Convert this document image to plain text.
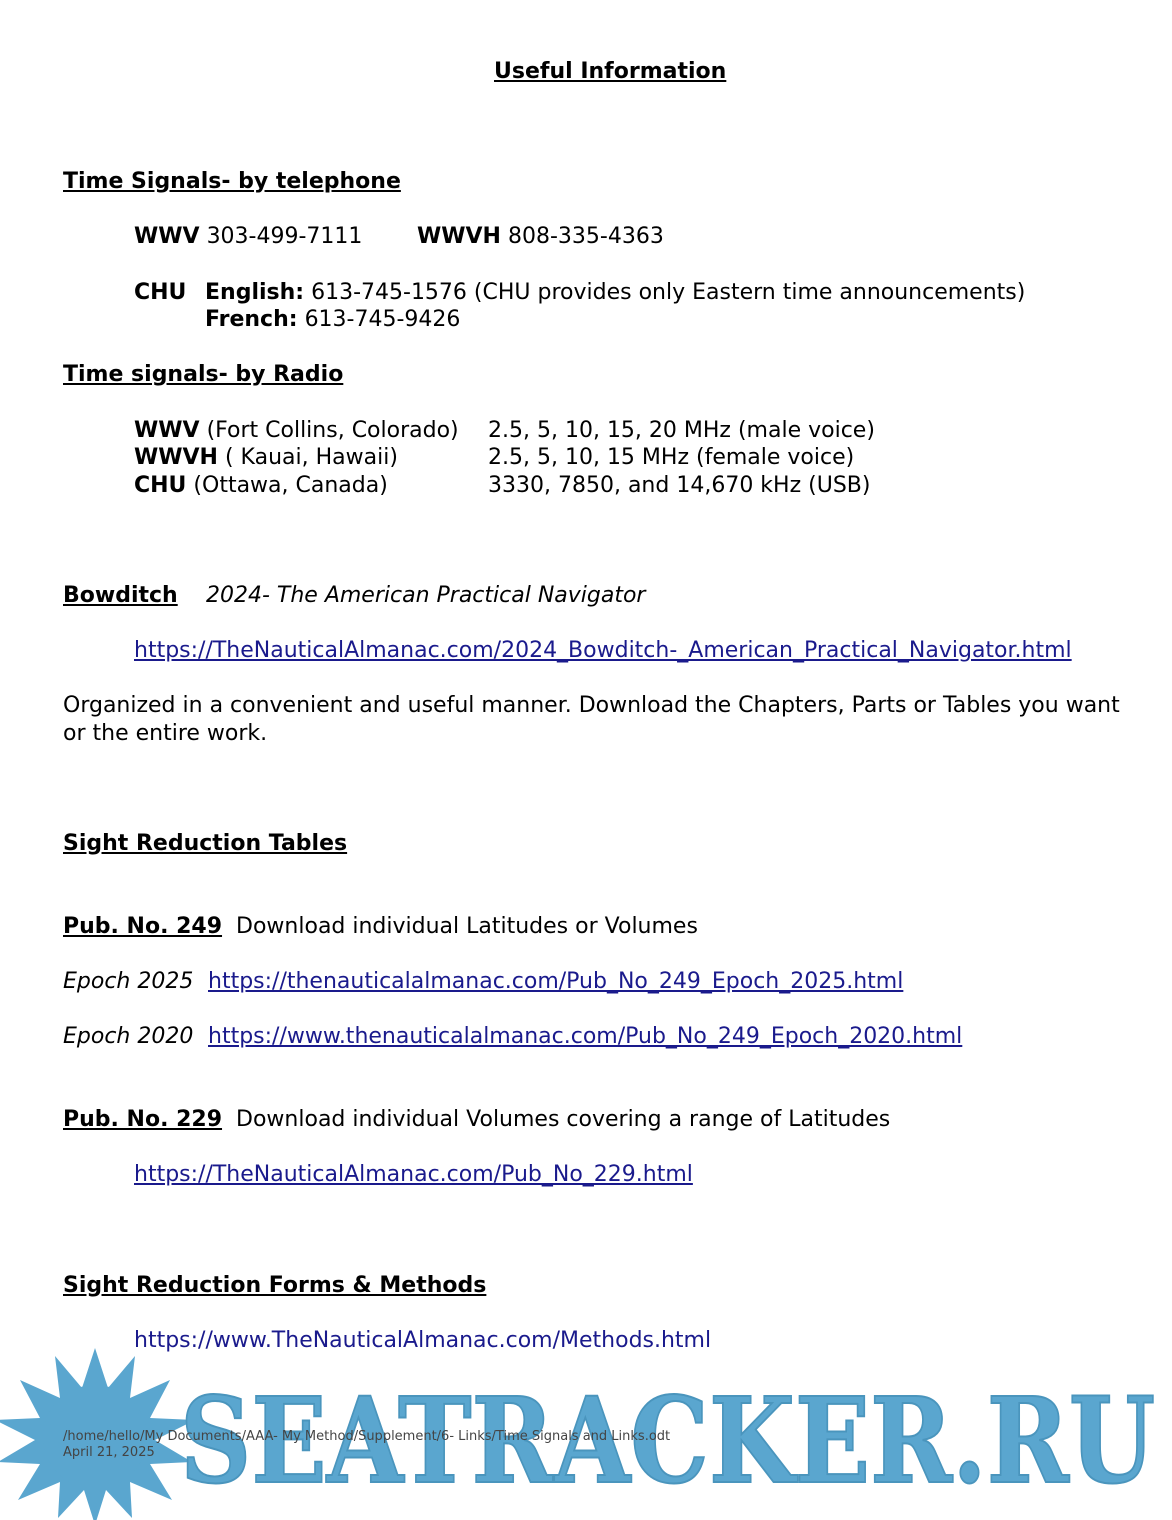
Useful Information
Time Signals- by telephone
WWV 303-499-7111 WWVH 808-335-4363
CHU English: 613-745-1576 (CHU provides only Eastern time announcements)
French: 613-745-9426
Time signals- by Radio
WWV (Fort Collins, Colorado) 2.5, 5, 10, 15, 20 MHz (male voice)
WWVH ( Kauai, Hawaii)	2.5, 5, 10, 15 MHz (female voice)
CHU (Ottawa, Canada)	3330, 7850, and 14,670 kHz (USB)
Bowditch 2024- The American Practical Navigator
https://TheNauticalAlmanac.com/2024_Bowditch-_American_Practical_Navigator.html
Organized in a convenient and useful manner. Download the Chapters, Parts or Tables you want or the entire work.
Sight Reduction Tables
Pub. No. 249 Download individual Latitudes or Volumes
Epoch 2025 https://thenauticalalmanac.com/Pub_No_249_Epoch_2025.html
Epoch 2020 https://www.thenauticalalmanac.com/Pub_No_249_Epoch_2020.html
Pub. No. 229 Download individual Volumes covering a range of Latitudes
https://TheNauticalAlmanac.com/Pub_No_229.html
Sight Reduction Forms & Methods
https://www.TheNauticalAlmanac.com/Methods.html
SEATRACKER.RU
/home/hello/My Documents/AAA- My Method/Supplement/6- Links/Time Signals and Links.odt
April 21, 2025
